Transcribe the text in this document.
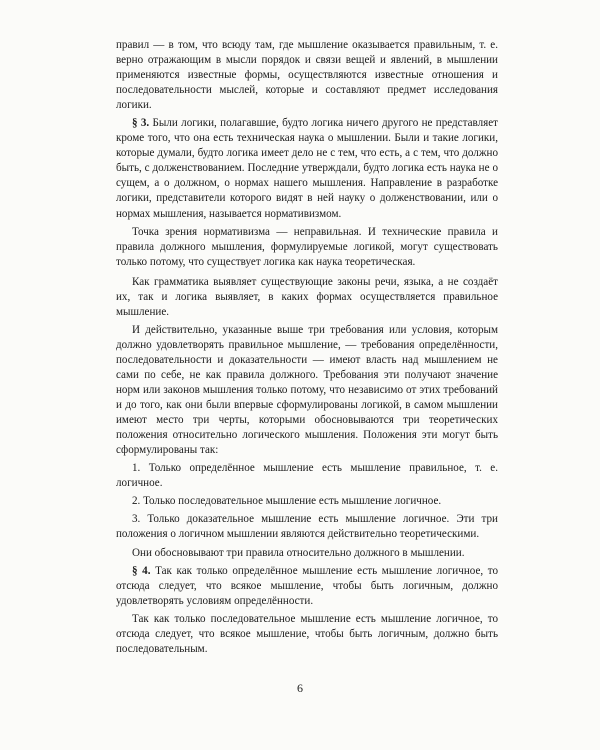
правил — в том, что всюду там, где мышление оказывается правильным, т. е. верно отражающим в мысли порядок и связи вещей и явлений, в мышлении применяются известные формы, осуществляются известные отношения и последовательности мыслей, которые и составляют предмет исследования логики.

§ 3. Были логики, полагавшие, будто логика ничего другого не представляет кроме того, что она есть техническая наука о мышлении. Были и такие логики, которые думали, будто логика имеет дело не с тем, что есть, а с тем, что должно быть, с долженствованием. Последние утверждали, будто логика есть наука не о сущем, а о должном, о нормах нашего мышления. Направление в разработке логики, представители которого видят в ней науку о долженствовании, или о нормах мышления, называется нормативизмом.

Точка зрения нормативизма — неправильная. И технические правила и правила должного мышления, формулируемые логикой, могут существовать только потому, что существует логика как наука теоретическая.

Как грамматика выявляет существующие законы речи, языка, а не создаёт их, так и логика выявляет, в каких формах осуществляется правильное мышление.

И действительно, указанные выше три требования или условия, которым должно удовлетворять правильное мышление, — требования определённости, последовательности и доказательности — имеют власть над мышлением не сами по себе, не как правила должного. Требования эти получают значение норм или законов мышления только потому, что независимо от этих требований и до того, как они были впервые сформулированы логикой, в самом мышлении имеют место три черты, которыми обосновываются три теоретических положения относительно логического мышления. Положения эти могут быть сформулированы так:

1. Только определённое мышление есть мышление правильное, т. е. логичное.

2. Только последовательное мышление есть мышление логичное.

3. Только доказательное мышление есть мышление логичное. Эти три положения о логичном мышлении являются действительно теоретическими.

Они обосновывают три правила относительно должного в мышлении.

§ 4. Так как только определённое мышление есть мышление логичное, то отсюда следует, что всякое мышление, чтобы быть логичным, должно удовлетворять условиям определённости.

Так как только последовательное мышление есть мышление логичное, то отсюда следует, что всякое мышление, чтобы быть логичным, должно быть последовательным.

6
